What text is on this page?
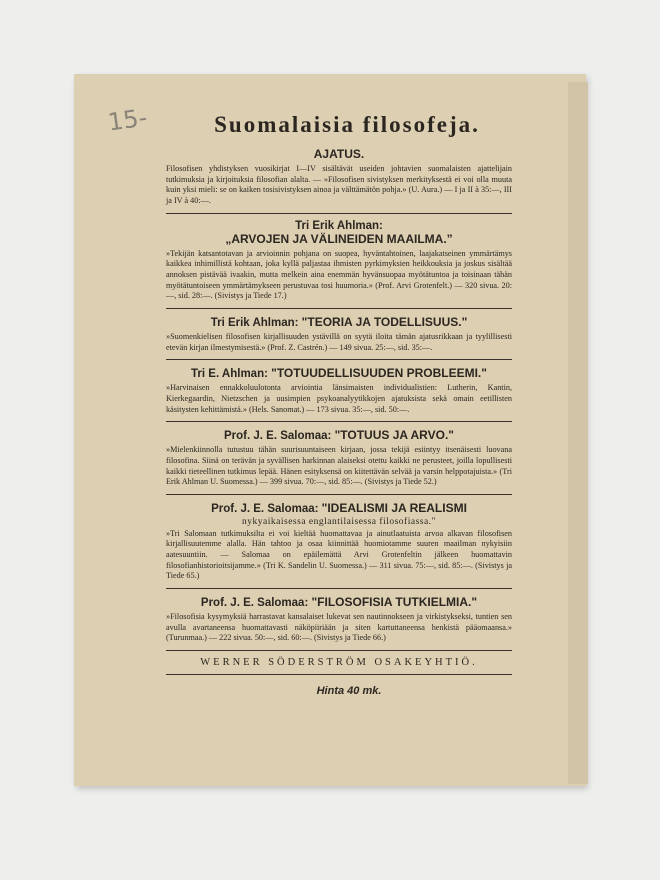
15-	Suomalaisia filosofeja.
AJATUS.

Filosofisen yhdistyksen vuosikirjat I—IV sisältävät useiden johtavien suomalaisten ajattelijain tutkimuksia ja kirjoituksia filosofian alalta. — »Filosofisen sivistyksen merkityksestä ei voi olla muuta kuin yksi mieli: se on kaiken tosisivistyksen ainoa ja välttämätön pohja.» (U. Aura.) — I ja II à 35:—, III ja IV à 40:—.

Tri Erik Ahlman:
„ARVOJEN JA VÄLINEIDEN MAAILMA.”

»Tekijän katsantotavan ja arvioinnin pohjana on suopea, hyväntahtoinen, laajakatseinen ymmärtämys kaikkea inhimillistä kohtaan, joka kyllä paljastaa ihmisten pyrkimyksien heikkouksia ja joskus sisältää annoksen pistävää ivaakin, mutta melkein aina enemmän hyvänsuopaa myötätuntoa ja toisinaan tähän myötätuntoiseen ymmärtämykseen perustuvaa tosi huumoria.» (Prof. Arvi Grotenfelt.) — 320 sivua. 20:—, sid. 28:—. (Sivistys ja Tiede 17.)

Tri Erik Ahlman: "TEORIA JA TODELLISUUS."

»Suomenkielisen filosofisen kirjallisuuden ystävillä on syytä iloita tämän ajatusrikkaan ja tyylillisesti etevän kirjan ilmestymisestä.» (Prof. Z. Castrén.) — 149 sivua. 25:—, sid. 35:—.

Tri E. Ahlman: "TOTUUDELLISUUDEN PROBLEEMI."

»Harvinaisen ennakkoluulotonta arviointia länsimaisten individualistien: Lutherin, Kantin, Kierkegaardin, Nietzschen ja uusimpien psykoanalyytikkojen ajatuksista sekä omain eetillisten käsitysten kehittämistä.» (Hels. Sanomat.) — 173 sivua. 35:—, sid. 50:—.

Prof. J. E. Salomaa: "TOTUUS JA ARVO."

»Mielenkiinnolla tutustuu tähän suurisuuntaiseen kirjaan, jossa tekijä esiintyy itsenäisesti luovana filosofina. Siinä on terävän ja syvällisen harkinnan alaiseksi otettu kaikki ne perusteet, joilla lopullisesti kaikki tieteellinen tutkimus lepää. Hänen esityksensä on kiitettävän selvää ja varsin helppotajuista.» (Tri Erik Ahlman U. Suomessa.) — 399 sivua. 70:—, sid. 85:—. (Sivistys ja Tiede 52.)

Prof. J. E. Salomaa: "IDEALISMI JA REALISMI
nykyaikaisessa englantilaisessa filosofiassa."

»Tri Salomaan tutkimuksilta ei voi kieltää huomattavaa ja ainutlaatuista arvoa alkavan filosofisen kirjallisuutemme alalla. Hän tahtoo ja osaa kiinnittää huomiotamme suuren maailman nykyisiin aatesuuntiin. — Salomaa on epäilemättä Arvi Grotenfeltin jälkeen huomattavin filosofianhistorioitsijamme.» (Tri K. Sandelin U. Suomessa.) — 311 sivua. 75:—, sid. 85:—. (Sivistys ja Tiede 65.)

Prof. J. E. Salomaa: "FILOSOFISIA TUTKIELMIA."

»Filosofisia kysymyksiä harrastavat kansalaiset lukevat sen nautinnokseen ja virkistykseksi, tuntien sen avulla avartaneensa huomattavasti näköpiiriään ja siten kartuttaneensa henkistä pääomaansa.» (Turunmaa.) — 222 sivua. 50:—, sid. 60:—. (Sivistys ja Tiede 66.)

WERNER SÖDERSTRÖM OSAKEYHTIÖ.
Hinta 40 mk.
